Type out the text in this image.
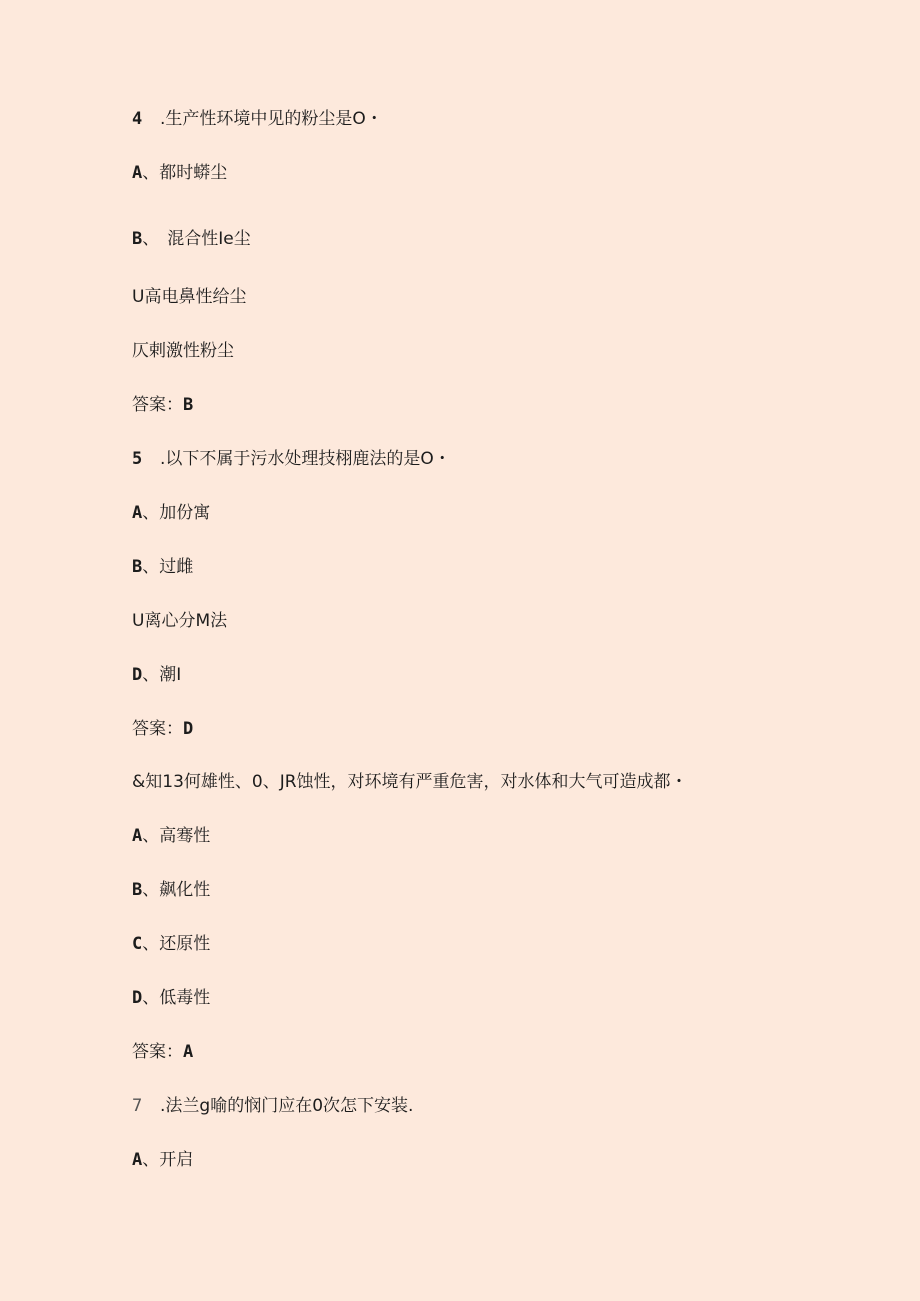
4 .生产性环境中见的粉尘是O・
A、都时蟒尘
B、 混合性Ie尘
U高电鼻性给尘
仄剌激性粉尘
答案：B
5 .以下不属于污水处理技栩鹿法的是O・
A、加份寓
B、过雌
U离心分M法
D、潮I
答案：D
&知13何雄性、0、JR蚀性，对环境有严重危害，对水体和大气可造成都・
A、高骞性
B、飙化性
C、还原性
D、低毒性
答案：A
7 .法兰g喻的悯门应在0次怎下安装.
A、开启
